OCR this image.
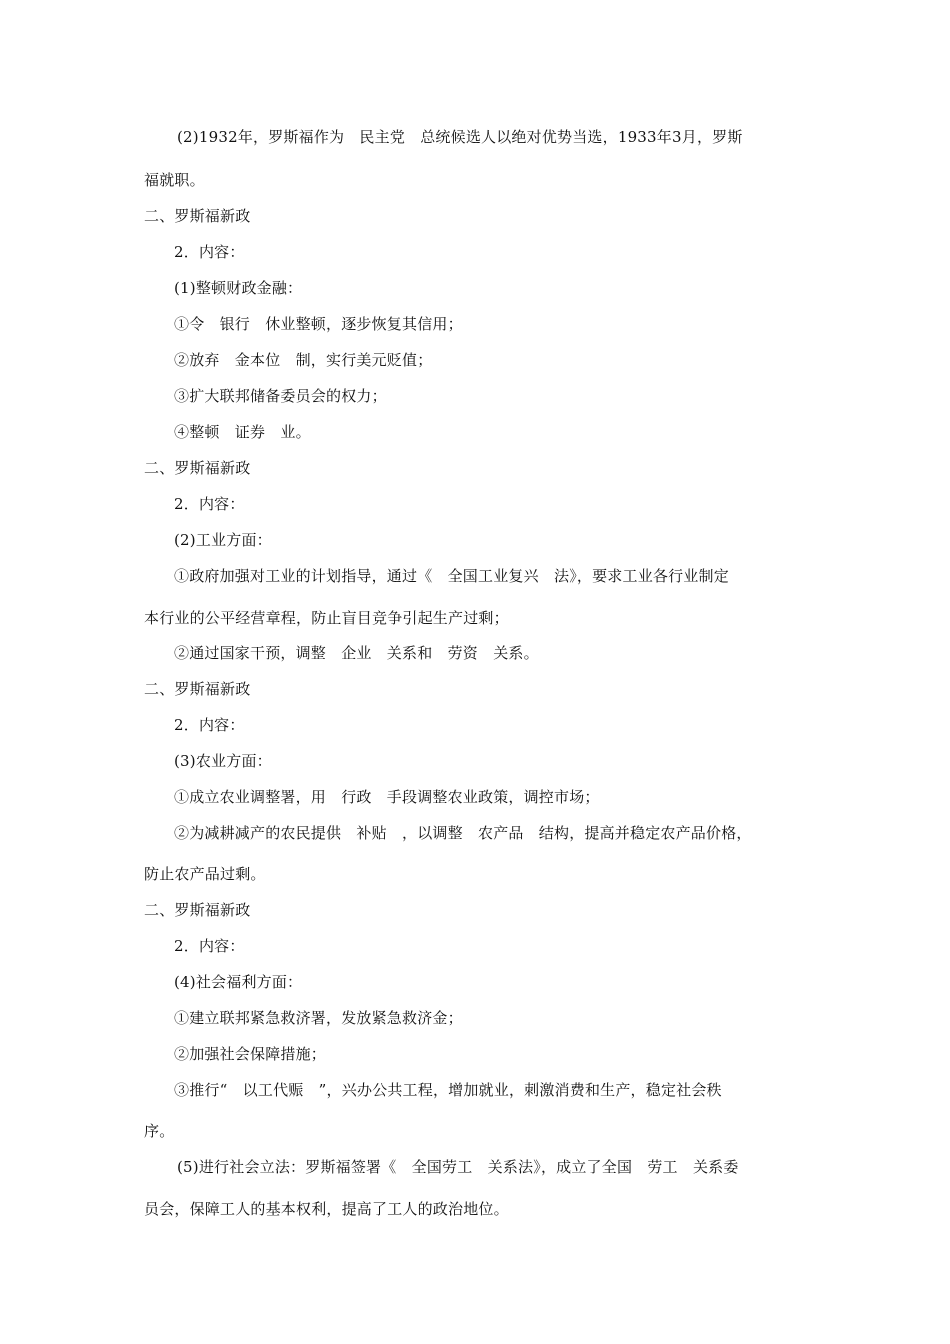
(2)1932年，罗斯福作为　民主党　总统候选人以绝对优势当选，1933年3月，罗斯
福就职。
二、罗斯福新政
2．内容：
(1)整顿财政金融：
①令　银行　休业整顿，逐步恢复其信用；
②放弃　金本位　制，实行美元贬值；
③扩大联邦储备委员会的权力；
④整顿　证券　业。
二、罗斯福新政
2．内容：
(2)工业方面：
①政府加强对工业的计划指导，通过《　全国工业复兴　法》，要求工业各行业制定
本行业的公平经营章程，防止盲目竞争引起生产过剩；
②通过国家干预，调整　企业　关系和　劳资　关系。
二、罗斯福新政
2．内容：
(3)农业方面：
①成立农业调整署，用　行政　手段调整农业政策，调控市场；
②为减耕减产的农民提供　补贴　，以调整　农产品　结构，提高并稳定农产品价格，
防止农产品过剩。
二、罗斯福新政
2．内容：
(4)社会福利方面：
①建立联邦紧急救济署，发放紧急救济金；
②加强社会保障措施；
③推行“　以工代赈　”，兴办公共工程，增加就业，刺激消费和生产，稳定社会秩
序。
(5)进行社会立法：罗斯福签署《　全国劳工　关系法》，成立了全国　劳工　关系委
员会，保障工人的基本权利，提高了工人的政治地位。
